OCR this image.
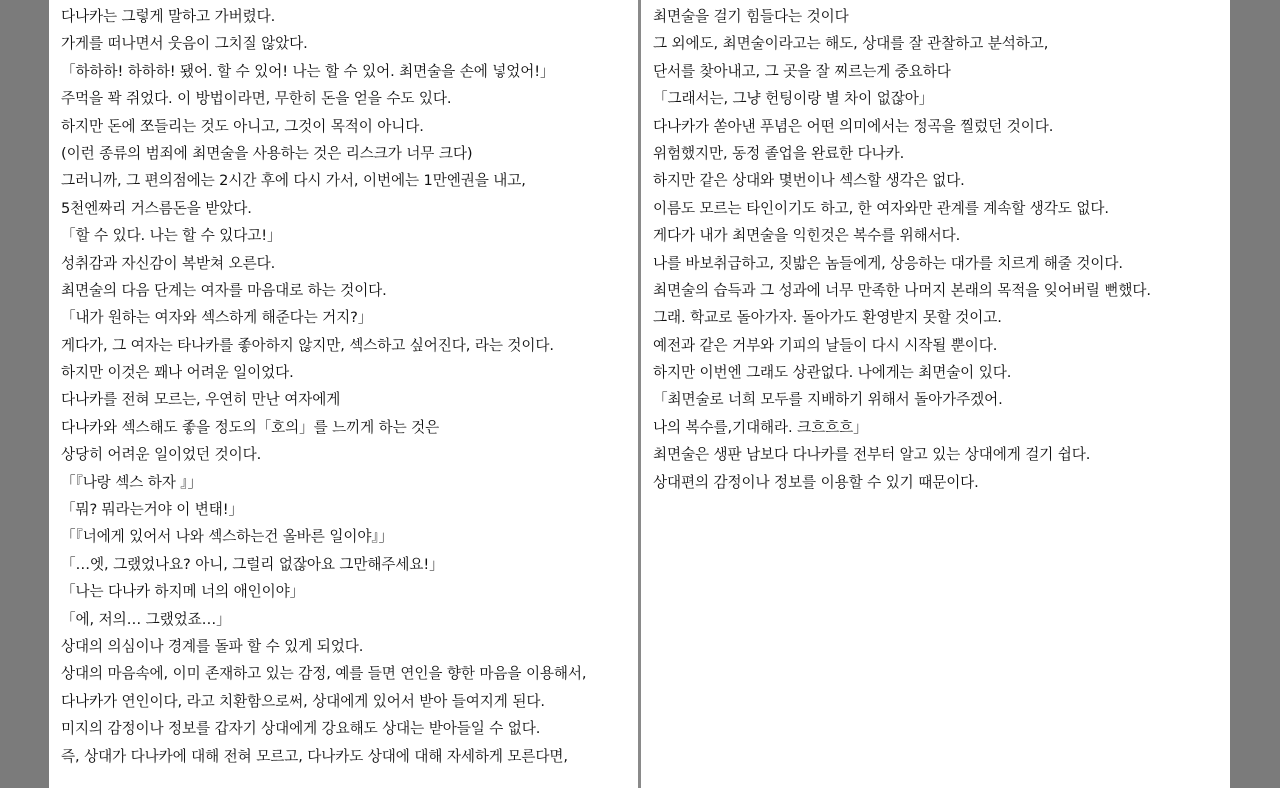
다나카는 그렇게 말하고 가버렸다.
가게를 떠나면서 웃음이 그치질 않았다.
「하하하! 하하하! 됐어. 할 수 있어! 나는 할 수 있어. 최면술을 손에 넣었어!」
주먹을 꽉 쥐었다. 이 방법이라면, 무한히 돈을 얻을 수도 있다.
하지만 돈에 쪼들리는 것도 아니고, 그것이 목적이 아니다.
(이런 종류의 범죄에 최면술을 사용하는 것은 리스크가 너무 크다)
그러니까, 그 편의점에는 2시간 후에 다시 가서, 이번에는 1만엔권을 내고,
5천엔짜리 거스름돈을 받았다.
「할 수 있다. 나는 할 수 있다고!」
성취감과 자신감이 복받쳐 오른다.
최면술의 다음 단계는 여자를 마음대로 하는 것이다.
「내가 원하는 여자와 섹스하게 해준다는 거지?」
게다가, 그 여자는 타나카를 좋아하지 않지만, 섹스하고 싶어진다, 라는 것이다.
하지만 이것은 꽤나 어려운 일이었다.
다나카를 전혀 모르는, 우연히 만난 여자에게
다나카와 섹스해도 좋을 정도의「호의」를 느끼게 하는 것은
상당히 어려운 일이었던 것이다.
「『나랑 섹스 하자 』」
「뭐? 뭐라는거야 이 변태!」
「『너에게 있어서 나와 섹스하는건 올바른 일이야』」
「…엣, 그랬었나요? 아니, 그럴리 없잖아요 그만해주세요!」
「나는 다나카 하지메 너의 애인이야」
「에, 저의… 그랬었죠…」
상대의 의심이나 경계를 돌파 할 수 있게 되었다.
상대의 마음속에, 이미 존재하고 있는 감정, 예를 들면 연인을 향한 마음을 이용해서,
다나카가 연인이다, 라고 치환함으로써, 상대에게 있어서 받아 들여지게 된다.
미지의 감정이나 정보를 갑자기 상대에게 강요해도 상대는 받아들일 수 없다.
즉, 상대가 다나카에 대해 전혀 모르고, 다나카도 상대에 대해 자세하게 모른다면,
최면술을 걸기 힘들다는 것이다
그 외에도, 최면술이라고는 해도, 상대를 잘 관찰하고 분석하고,
단서를 찾아내고, 그 곳을 잘 찌르는게 중요하다
「그래서는, 그냥 헌팅이랑 별 차이 없잖아」
다나카가 쏟아낸 푸념은 어떤 의미에서는 정곡을 찔렀던 것이다.
위험했지만, 동정 졸업을 완료한 다나카.
하지만 같은 상대와 몇번이나 섹스할 생각은 없다.
이름도 모르는 타인이기도 하고, 한 여자와만 관계를 계속할 생각도 없다.
게다가 내가 최면술을 익힌것은 복수를 위해서다.
나를 바보취급하고, 짓밟은 놈들에게, 상응하는 대가를 치르게 해줄 것이다.
최면술의 습득과 그 성과에 너무 만족한 나머지 본래의 목적을 잊어버릴 뻔했다.
그래. 학교로 돌아가자. 돌아가도 환영받지 못할 것이고.
예전과 같은 거부와 기피의 날들이 다시 시작될 뿐이다.
하지만 이번엔 그래도 상관없다. 나에게는 최면술이 있다.
「최면술로 너희 모두를 지배하기 위해서 돌아가주겠어.
나의 복수를,기대해라. 크흐흐흐」
최면술은 생판 남보다 다나카를 전부터 알고 있는 상대에게 걸기 쉽다.
상대편의 감정이나 정보를 이용할 수 있기 때문이다.
